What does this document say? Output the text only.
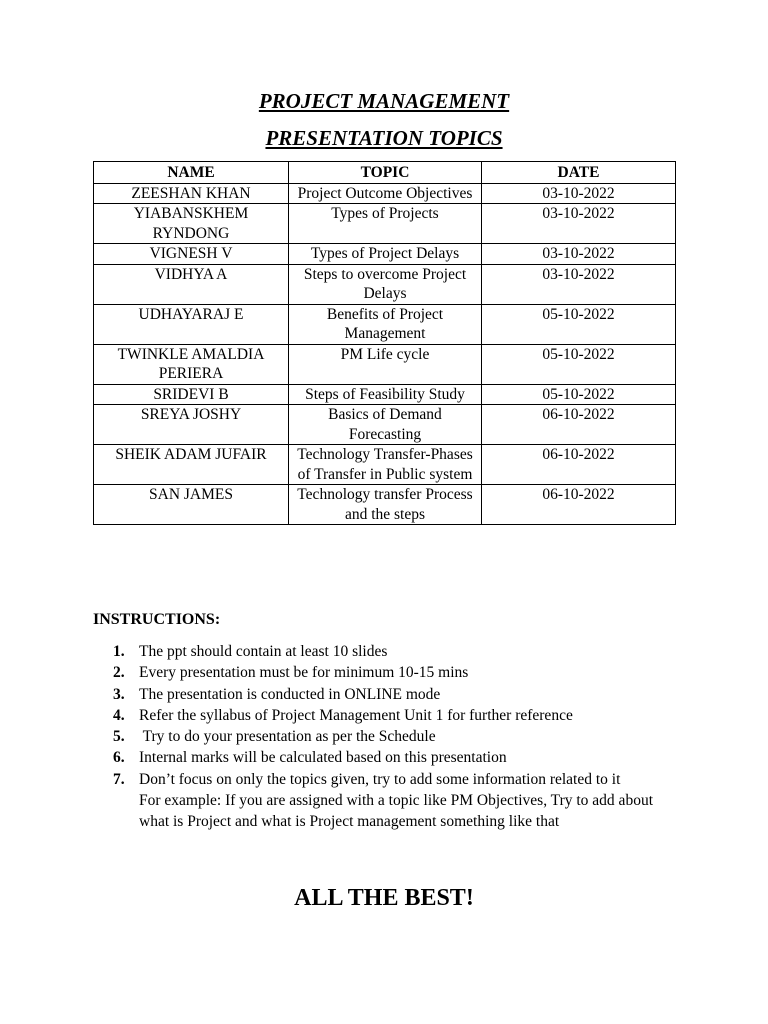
PROJECT MANAGEMENT
PRESENTATION TOPICS
NAME	TOPIC	DATE
ZEESHAN KHAN	Project Outcome Objectives	03-10-2022
YIABANSKHEM RYNDONG	Types of Projects	03-10-2022
VIGNESH V	Types of Project Delays	03-10-2022
VIDHYA A	Steps to overcome Project Delays	03-10-2022
UDHAYARAJ E	Benefits of Project Management	05-10-2022
TWINKLE AMALDIA PERIERA	PM Life cycle	05-10-2022
SRIDEVI B	Steps of Feasibility Study	05-10-2022
SREYA JOSHY	Basics of Demand Forecasting	06-10-2022
SHEIK ADAM JUFAIR	Technology Transfer-Phases of Transfer in Public system	06-10-2022
SAN JAMES	Technology transfer Process and the steps	06-10-2022

INSTRUCTIONS:

1. The ppt should contain at least 10 slides
2. Every presentation must be for minimum 10-15 mins
3. The presentation is conducted in ONLINE mode
4. Refer the syllabus of Project Management Unit 1 for further reference
5. Try to do your presentation as per the Schedule
6. Internal marks will be calculated based on this presentation
7. Don’t focus on only the topics given, try to add some information related to it
For example: If you are assigned with a topic like PM Objectives, Try to add about what is Project and what is Project management something like that

ALL THE BEST!
